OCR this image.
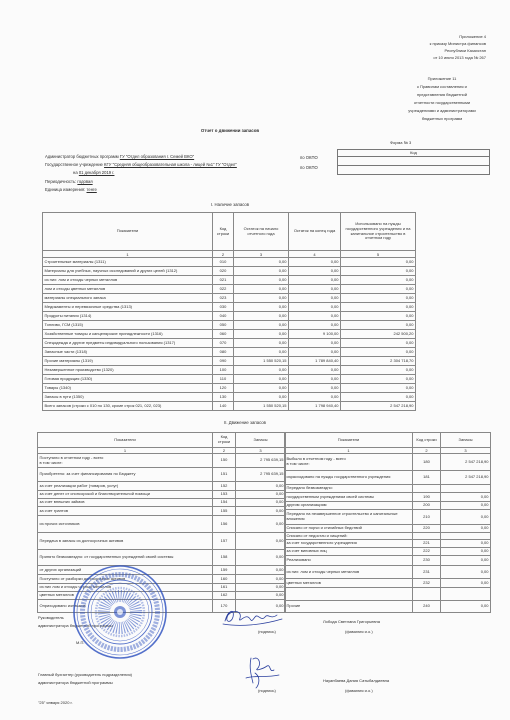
Приложение 4
к приказу Министра финансов
Республики Казахстан
от 10 июля 2013 года № 267
Приложение 11
к Правилам составления и
представления бюджетной
отчетности государственными
учреждениями и администраторами
бюджетных программ
Отчет о движении запасов
Форма № 3
Код
Администратор бюджетных программ ГУ "Отдел образования г. Семей ВКО"	по ОКПО
Государственное учреждение КГУ "Средняя общеобразовательная школа - лицей №1" ГУ "Отдел"
по ОКПО
на 01 декабря 2019 г.
Периодичность: годовая
Единица измерения: тенге
I. Наличие запасов
Показатели	Код строки	Остаток на начало отчетного года	Остаток на конец года	Использовано на нужды государственного учреждения и на капитальное строительство в отчетном году
1	2	3	4	5
Строительные материалы (1311)	010	0,00	0,00	0,00
Материалы для учебных, научных исследований и других целей (1312)	020	0,00	0,00	0,00
из них: лом и отходы черных металлов	021	0,00	0,00	0,00
лом и отходы цветных металлов	022	0,00	0,00	0,00
материалы специального запаса	023	0,00	0,00	0,00
Медикаменты и перевязочные средства (1313)	030	0,00	0,00	0,00
Продукты питания (1314)	040	0,00	0,00	0,00
Топливо, ГСМ (1315)	050	0,00	0,00	0,00
Хозяйственные товары и канцелярские принадлежности (1316)	060	0,00	9 100,00	242 500,20
Спецодежда и другие предметы индивидуального пользования (1317)	070	0,00	0,00	0,00
Запасные части (1318)	080	0,00	0,00	0,00
Прочие материалы (1319)	090	1 550 520,15	1 789 840,40	2 304 718,70
Незавершенное производство (1320)	100	0,00	0,00	0,00
Готовая продукция (1330)	110	0,00	0,00	0,00
Товары (1340)	120	0,00	0,00	0,00
Запасы в пути (1350)	130	0,00	0,00	0,00
Всего запасов (строки с 010 по 130, кроме строк 021, 022, 023)	140	1 550 520,15	1 798 940,40	2 547 218,90
II. Движение запасов
Показатели	Код строки	Запасы
1	2	3
Поступило в отчетном году - всего
в том числе:	150	2 795 639,15
Приобретено: за счет финансирования по Бюджету	151	2 795 639,15
за счет реализации работ (товаров, услуг)	152	0,00
за счет денег от спонсорской и благотворительной помощи	153	0,00
за счет внешних займов	154	0,00
за счет грантов	155	0,00
из прочих источников	156	0,00
Передача в запасы из долгосрочных активов	157	0,00
Принято безвозмездно: от государственных учреждений своей системы	158	0,00
от других организаций	159	0,00
Поступило от разборки долгосрочных активов	160	0,00
из них лом и отходы черных металлов	161	0,00
цветных металлов	162	0,00
Оприходовано излишков	170	0,00
Показатели	Код строки	Запасы
1	2	3
Выбыло в отчетном году - всего
в том числе:	180	2 547 218,90
израсходовано на нужды государственного учреждения	181	2 547 218,90
Передано безвозмездно:		
государственным учреждениям своей системы	190	0,00
другим организациям	200	0,00
Передано на незавершенное строительство и капитальные вложения	210	0,00
Списано от порчи и стихийных бедствий	220	0,00
Списано от недостач и хищений:		
за счет государственного учреждения	221	0,00
за счет виновных лиц	222	0,00
Реализовано	230	0,00
из них: лом и отходы черных металлов	231	0,00
цветных металлов	232	0,00

Прочие	240	0,00
Руководитель
администратора бюджетной программы
Лобода Светлана Григорьевна
(подпись)	(фамилия и.о.)
М.П.
Главный бухгалтер (руководитель подразделения)
администратора бюджетной программы	Науанбаева Дания Сатыбалдиевна
(подпись)	(фамилия и.о.)
"25" января 2020 г.
